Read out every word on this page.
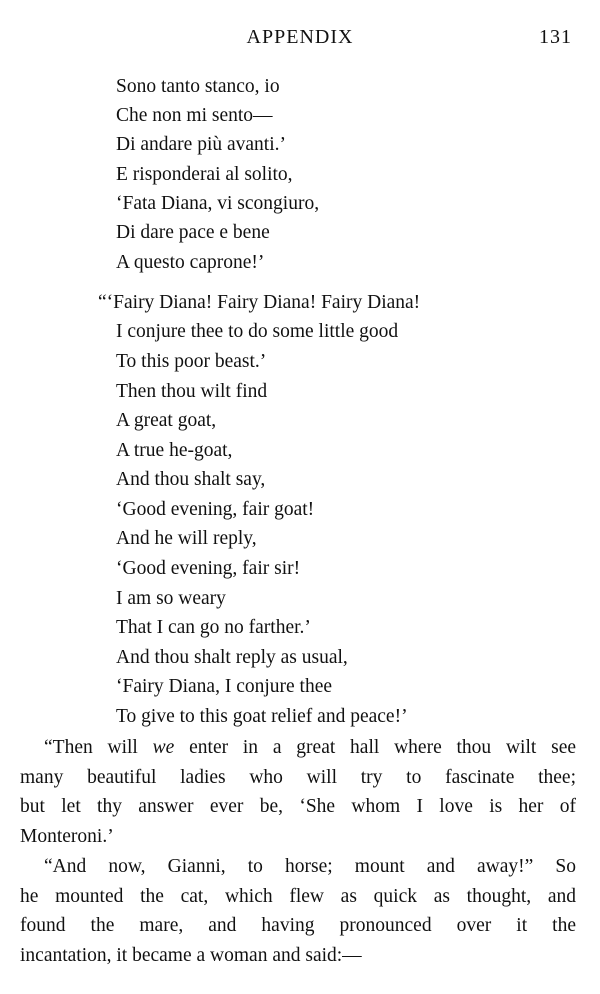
APPENDIX	131
Sono tanto stanco, io
Che non mi sento—
Di andare più avanti.’
E risponderai al solito,
‘Fata Diana, vi scongiuro,
Di dare pace e bene
A questo caprone!’
“‘Fairy Diana! Fairy Diana! Fairy Diana!
I conjure thee to do some little good
To this poor beast.’
Then thou wilt find
A great goat,
A true he-goat,
And thou shalt say,
‘Good evening, fair goat!
And he will reply,
‘Good evening, fair sir!
I am so weary
That I can go no farther.’
And thou shalt reply as usual,
‘Fairy Diana, I conjure thee
To give to this goat relief and peace!’
“Then will we enter in a great hall where thou wilt see
many beautiful ladies who will try to fascinate thee;
but let thy answer ever be, ‘She whom I love is her of
Monteroni.’
“And now, Gianni, to horse; mount and away!” So
he mounted the cat, which flew as quick as thought, and
found the mare, and having pronounced over it the
incantation, it became a woman and said:—
